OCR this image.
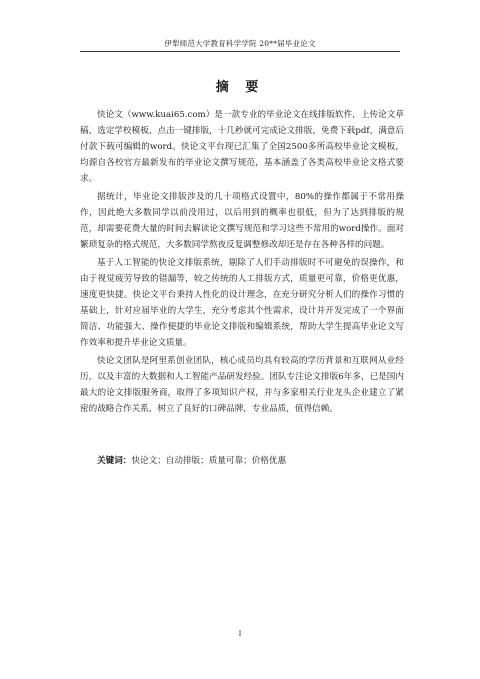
伊犁师范大学教育科学学院 20**届毕业论文
摘 要

快论文（www.kuai65.com）是一款专业的毕业论文在线排版软件，上传论文草稿，选定学校模板，点击一键排版，十几秒就可完成论文排版，免费下载pdf，满意后付款下载可编辑的word。快论文平台现已汇集了全国2500多所高校毕业论文模板，均源自各校官方最新发布的毕业论文撰写规范，基本涵盖了各类高校毕业论文格式要求。

据统计，毕业论文排版涉及的几十项格式设置中，80%的操作都属于不常用操作，因此绝大多数同学以前没用过，以后用到的概率也很低，但为了达到排版的规范，却需要花费大量的时间去解读论文撰写规范和学习这些不常用的word操作。面对繁琐复杂的格式规范，大多数同学熬夜反复调整修改却还是存在各种各样的问题。

基于人工智能的快论文排版系统，剔除了人们手动排版时不可避免的误操作，和由于视觉疲劳导致的错漏等，较之传统的人工排版方式，质量更可靠，价格更优惠，速度更快捷。快论文平台秉持人性化的设计理念，在充分研究分析人们的操作习惯的基础上，针对应届毕业的大学生，充分考虑其个性需求，设计并开发完成了一个界面简洁、功能强大、操作便捷的毕业论文排版和编辑系统，帮助大学生提高毕业论文写作效率和提升毕业论文质量。

快论文团队是阿里系创业团队，核心成员均具有较高的学历背景和互联网从业经历，以及丰富的大数据和人工智能产品研发经验。团队专注论文排版6年多，已是国内最大的论文排版服务商，取得了多项知识产权，并与多家相关行业龙头企业建立了紧密的战略合作关系，树立了良好的口碑品牌，专业品质，值得信赖。

关键词：快论文；自动排版；质量可靠；价格优惠
I
